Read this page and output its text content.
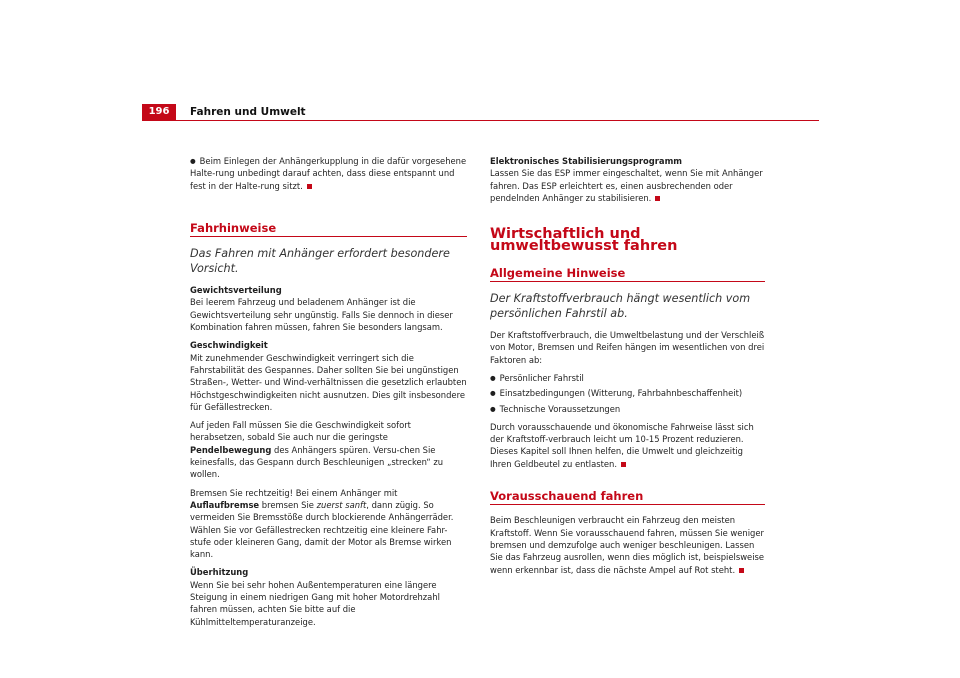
196	Fahren und Umwelt

● Beim Einlegen der Anhängerkupplung in die dafür vorgesehene Halte-rung unbedingt darauf achten, dass diese entspannt und fest in der Halte-rung sitzt.

Fahrhinweise
Das Fahren mit Anhänger erfordert besondere Vorsicht.
Gewichtsverteilung

Bei leerem Fahrzeug und beladenem Anhänger ist die Gewichtsverteilung sehr ungünstig. Falls Sie dennoch in dieser Kombination fahren müssen, fahren Sie besonders langsam.

Geschwindigkeit

Mit zunehmender Geschwindigkeit verringert sich die Fahrstabilität des Gespannes. Daher sollten Sie bei ungünstigen Straßen-, Wetter- und Wind-verhältnissen die gesetzlich erlaubten Höchstgeschwindigkeiten nicht ausnutzen. Dies gilt insbesondere für Gefällestrecken.

Auf jeden Fall müssen Sie die Geschwindigkeit sofort herabsetzen, sobald Sie auch nur die geringste Pendelbewegung des Anhängers spüren. Versu-chen Sie keinesfalls, das Gespann durch Beschleunigen „strecken“ zu wollen.

Bremsen Sie rechtzeitig! Bei einem Anhänger mit Auflaufbremse bremsen Sie zuerst sanft, dann zügig. So vermeiden Sie Bremsstöße durch blockierende Anhängerräder. Wählen Sie vor Gefällestrecken rechtzeitig eine kleinere Fahr-stufe oder kleineren Gang, damit der Motor als Bremse wirken kann.

Überhitzung

Wenn Sie bei sehr hohen Außentemperaturen eine längere Steigung in einem niedrigen Gang mit hoher Motordrehzahl fahren müssen, achten Sie bitte auf die Kühlmitteltemperaturanzeige.

Elektronisches Stabilisierungsprogramm

Lassen Sie das ESP immer eingeschaltet, wenn Sie mit Anhänger fahren. Das ESP erleichtert es, einen ausbrechenden oder pendelnden Anhänger zu stabilisieren.

Wirtschaftlich und umweltbewusst fahren
Allgemeine Hinweise
Der Kraftstoffverbrauch hängt wesentlich vom persönlichen Fahrstil ab.

Der Kraftstoffverbrauch, die Umweltbelastung und der Verschleiß von Motor, Bremsen und Reifen hängen im wesentlichen von drei Faktoren ab:

● Persönlicher Fahrstil
● Einsatzbedingungen (Witterung, Fahrbahnbeschaffenheit)
● Technische Voraussetzungen

Durch vorausschauende und ökonomische Fahrweise lässt sich der Kraftstoff-verbrauch leicht um 10-15 Prozent reduzieren. Dieses Kapitel soll Ihnen helfen, die Umwelt und gleichzeitig Ihren Geldbeutel zu entlasten.

Vorausschauend fahren

Beim Beschleunigen verbraucht ein Fahrzeug den meisten Kraftstoff. Wenn Sie vorausschauend fahren, müssen Sie weniger bremsen und demzufolge auch weniger beschleunigen. Lassen Sie das Fahrzeug ausrollen, wenn dies möglich ist, beispielsweise wenn erkennbar ist, dass die nächste Ampel auf Rot steht.
